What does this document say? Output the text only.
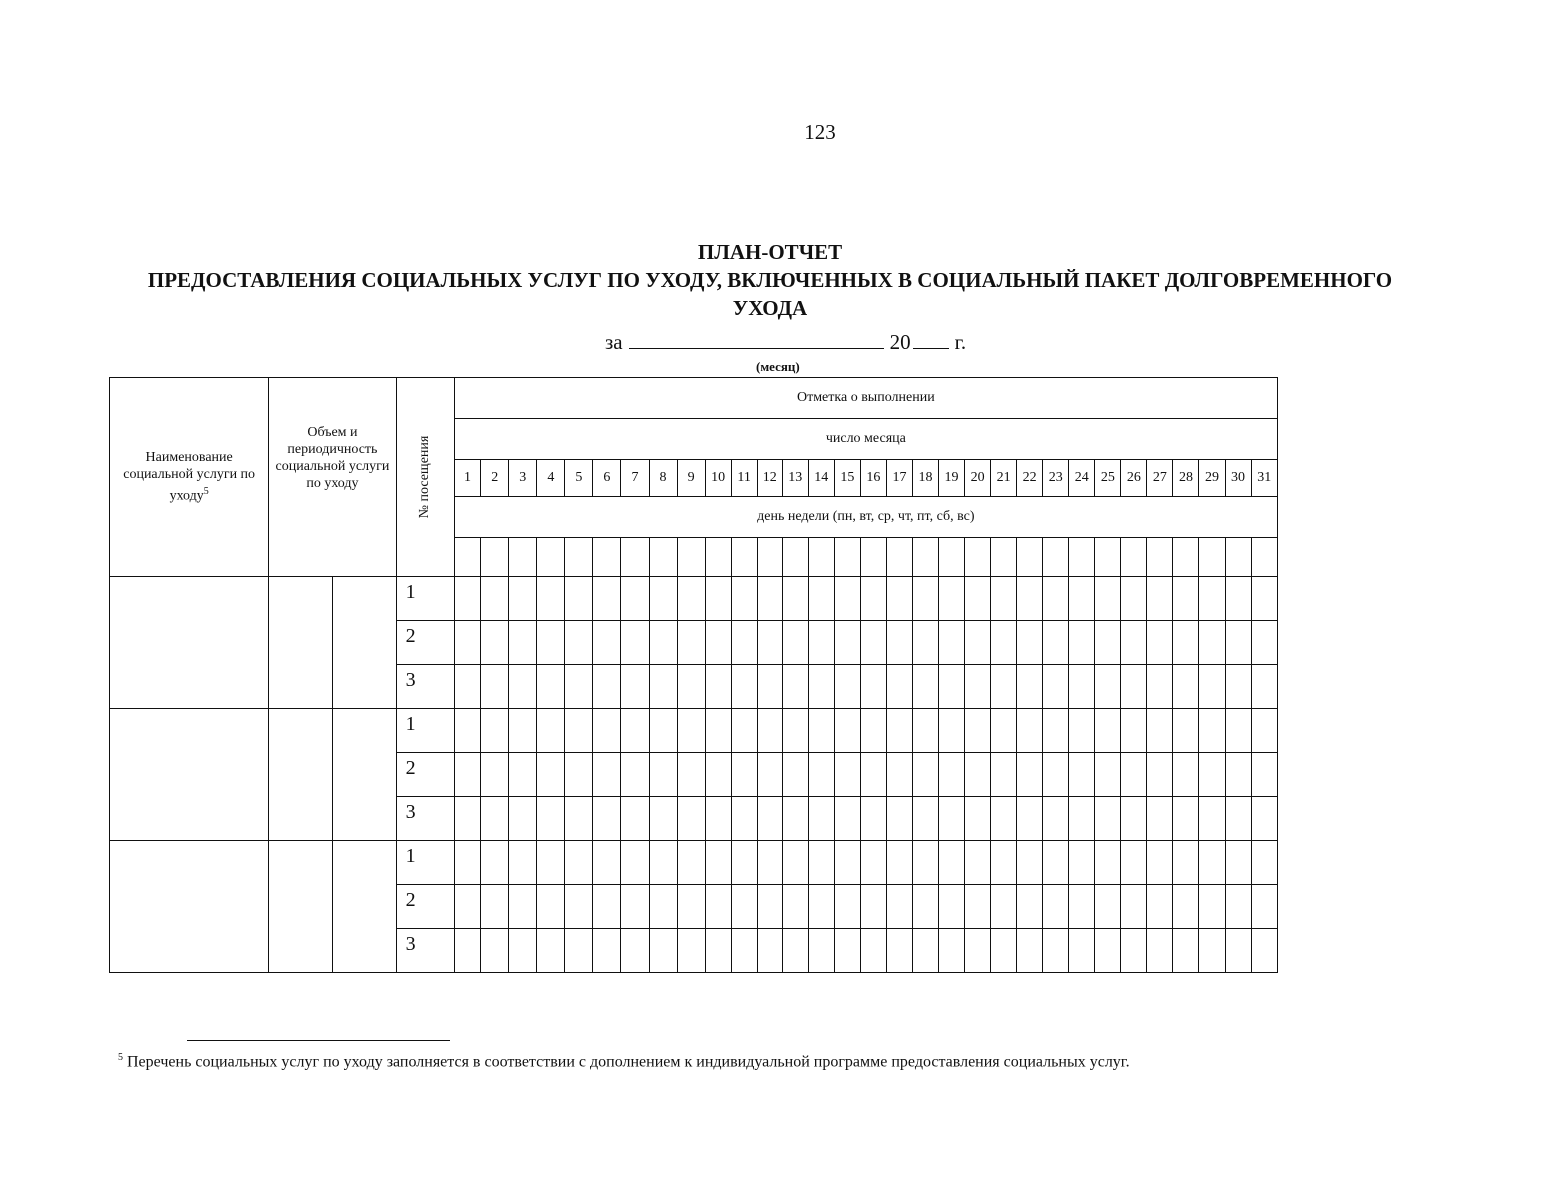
123
ПЛАН-ОТЧЕТ
ПРЕДОСТАВЛЕНИЯ СОЦИАЛЬНЫХ УСЛУГ ПО УХОДУ, ВКЛЮЧЕННЫХ В СОЦИАЛЬНЫЙ ПАКЕТ ДОЛГОВРЕМЕННОГО
УХОДА
за	20 г.
(месяц)
Наименование социальной услуги по уходу$^5$	Объем и периодичность социальной услуги по уходу		№ посещения	Отметка о выполнении																														
				число месяца																														
				1	2	3	4	5	6	7	8	9	10	11	12	13	14	15	16	17	18	19	20	21	22	23	24	25	26	27	28	29	30	31
				день недели (пн, вт, ср, чт, пт, сб, вс)																														

			1																															
			2																															
			3																															
			1																															
			2																															
			3																															
			1																															
			2																															
			3																															
$^5$ Перечень социальных услуг по уходу заполняется в соответствии с дополнением к индивидуальной программе предоставления социальных услуг.
